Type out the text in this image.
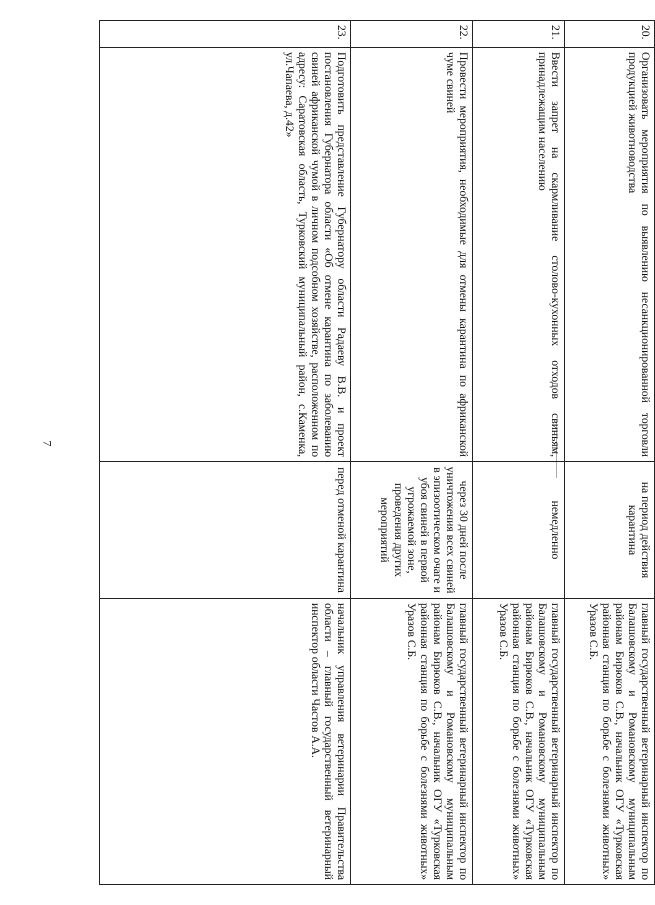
7
20.	Организовать мероприятия по выявлению несанкционированной торговли продукцией животноводства	на период действия карантина	главный государственный ветеринарный инспектор по Балашовскому и Романовскому муниципальным районам Бирюков С.В., начальник ОГУ «Турковская районная станция по борьбе с болезнями животных» Уразов С.Б.
21.	Ввести запрет на скармливание столово-кухонных отходов свиньям, принадлежащим населению	немедленно	главный государственный ветеринарный инспектор по Балашовскому и Романовскому муниципальным районам Бирюков С.В., начальник ОГУ «Турковская районная станция по борьбе с болезнями животных» Уразов С.Б.
22.	Провести мероприятия, необходимые для отмены карантина по африканской чуме свиней	через 30 дней после уничтожения всех свиней в эпизоотическом очаге и убоя свиней в первой угрожаемой зоне, проведения других мероприятий	главный государственный ветеринарный инспектор по Балашовскому и Романовскому муниципальным районам Бирюков С.В., начальник ОГУ «Турковская районная станция по борьбе с болезнями животных» Уразов С.Б.
23.	Подготовить представление Губернатору области Радаеву В.В. и проект постановления Губернатора области «Об отмене карантина по заболеванию свиней африканской чумой в личном подсобном хозяйстве, расположенном по адресу: Саратовская область, Турковский муниципальный район, с.Каменка, ул.Чапаева, д.42»	перед отменой карантина	начальник управления ветеринарии Правительства области – главный государственный ветеринарный инспектор области Частов А.А.
